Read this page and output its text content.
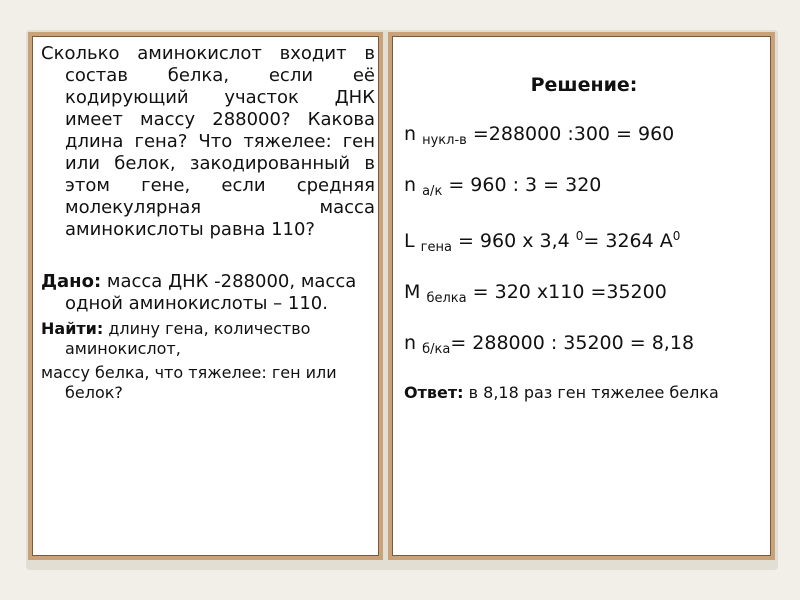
Сколько аминокислот входит в состав белка, если её кодирующий участок ДНК имеет массу 288000? Какова длина гена? Что тяжелее: ген или белок, закодированный в этом гене, если средняя молекулярная масса аминокислоты равна 110?

Дано: масса ДНК -288000, масса одной аминокислоты – 110.

Найти: длину гена, количество аминокислот,

массу белка, что тяжелее: ген или белок?

Решение:
n $_{нукл-в}$ =288000 :300 = 960
n $_{а/к}$ = 960 : 3 = 320
L $_{гена}$ = 960 х 3,4 $^0$= 3264 $А^0$
М $_{белка}$ = 320 х110 =35200
n $_{б/ка}$= 288000 : 35200 = 8,18
Ответ: в 8,18 раз ген тяжелее белка
